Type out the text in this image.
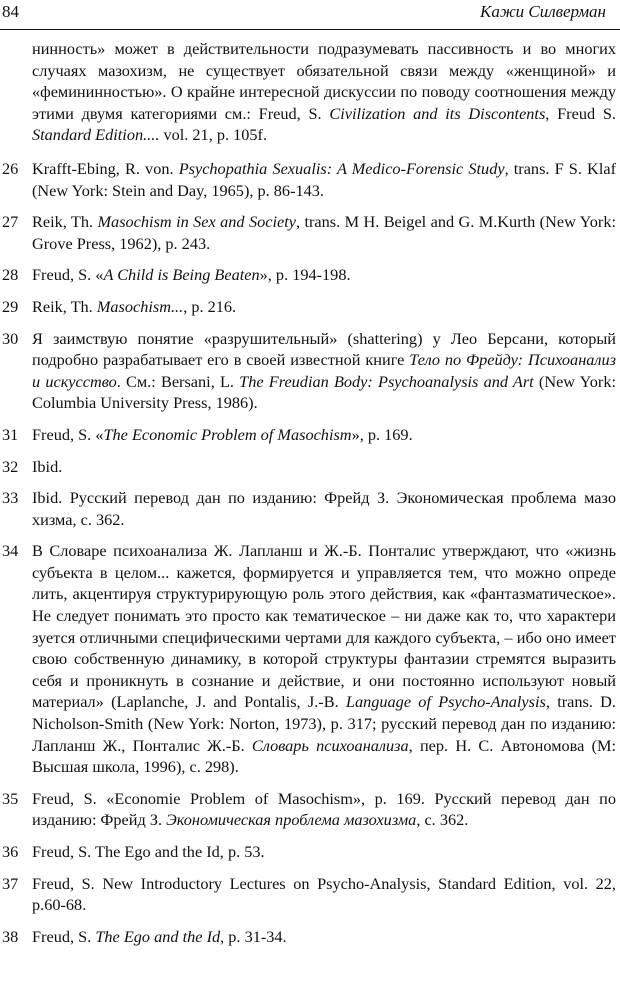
84	Кажи Силверман
нинность» может в действительности подразумевать пассивность и во многих случаях мазохизм, не существует обязательной связи между «женщиной» и «фемининностью». О крайне интересной дискуссии по поводу соотношения между этими двумя категориями см.: Freud, S. Civilization and its Discontents, Freud S. Standard Edition.... vol. 21, p. 105f.
26 Krafft-Ebing, R. von. Psychopathia Sexualis: A Medico-Forensic Study, trans. F S. Klaf (New York: Stein and Day, 1965), p. 86-143.
27 Reik, Th. Masochism in Sex and Society, trans. M H. Beigel and G. M.Kurth (New York: Grove Press, 1962), p. 243.
28 Freud, S. «A Child is Being Beaten», p. 194-198.
29 Reik, Th. Masochism..., p. 216.
30 Я заимствую понятие «разрушительный» (shattering) у Лео Берсани, который подробно разрабатывает его в своей известной книге Тело по Фрейду: Психоанализ и искусство. См.: Bersani, L. The Freudian Body: Psychoanalysis and Art (New York: Columbia University Press, 1986).
31 Freud, S. «The Economic Problem of Masochism», p. 169.
32 Ibid.
33 Ibid. Русский перевод дан по изданию: Фрейд З. Экономическая проблема мазо хизма, с. 362.
34 В Словаре психоанализа Ж. Лапланш и Ж.-Б. Понталис утверждают, что «жизнь субъекта в целом... кажется, формируется и управляется тем, что можно опреде лить, акцентируя структурирующую роль этого действия, как «фантазматическое». Не следует понимать это просто как тематическое – ни даже как то, что характери зуется отличными специфическими чертами для каждого субъекта, – ибо оно имеет свою собственную динамику, в которой структуры фантазии стремятся выразить себя и проникнуть в сознание и действие, и они постоянно используют новый материал» (Laplanche, J. and Pontalis, J.-B. Language of Psycho-Analysis, trans. D. Nicholson-Smith (New York: Norton, 1973), p. 317; русский перевод дан по изданию: Лапланш Ж., Понталис Ж.-Б. Словарь психоанализа, пер. Н. С. Автономова (М: Высшая школа, 1996), с. 298).
35 Freud, S. «Economie Problem of Masochism», p. 169. Русский перевод дан по изданию: Фрейд З. Экономическая проблема мазохизма, с. 362.
36 Freud, S. The Ego and the Id, p. 53.
37 Freud, S. New Introductory Lectures on Psycho-Analysis, Standard Edition, vol. 22, p.60-68.
38 Freud, S. The Ego and the Id, p. 31-34.
